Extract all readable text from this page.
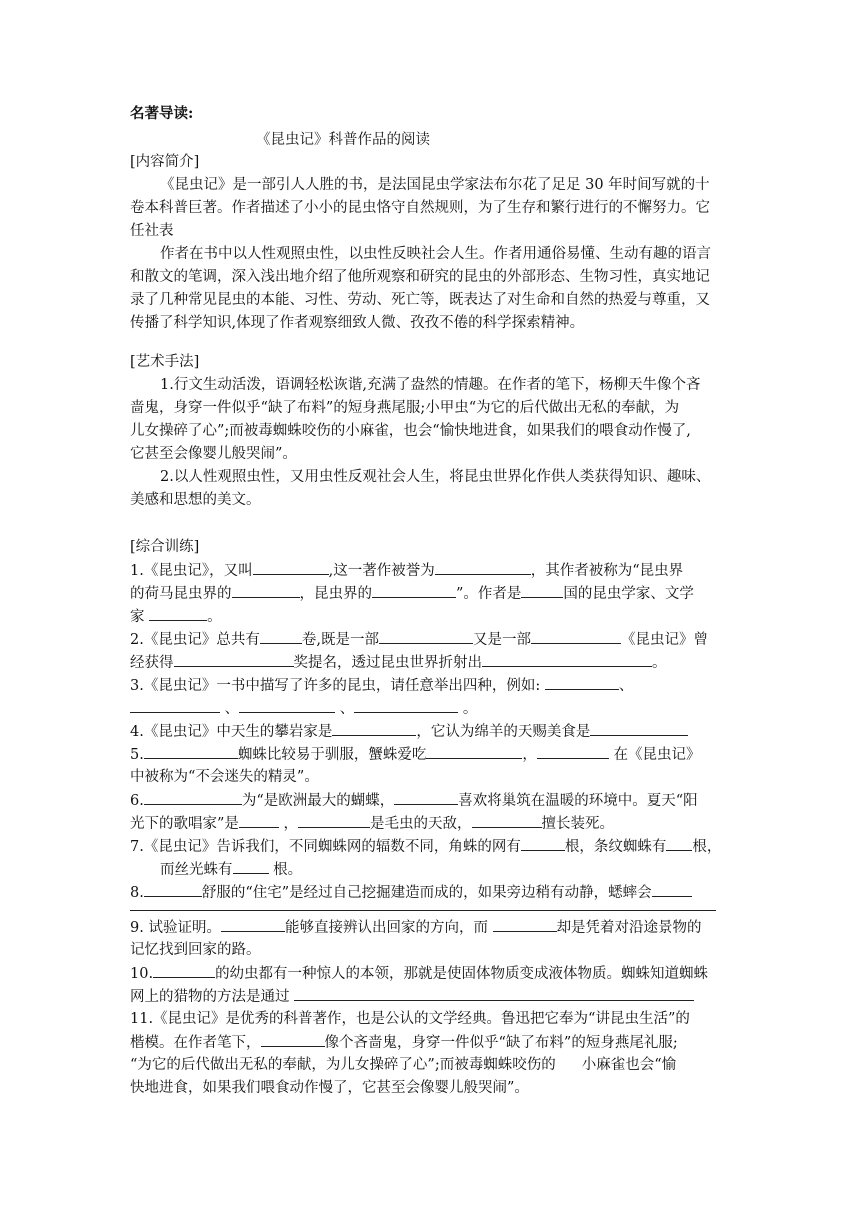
名著导读:
《昆虫记》科普作品的阅读
[内容简介]
《昆虫记》是一部引人人胜的书，是法国昆虫学家法布尔花了足足 30 年时间写就的十
卷本科普巨著。作者描述了小小的昆虫恪守自然规则，为了生存和繁行进行的不懈努力。它
任社表
作者在书中以人性观照虫性，以虫性反映社会人生。作者用通俗易懂、生动有趣的语言
和散文的笔调，深入浅出地介绍了他所观察和研究的昆虫的外部形态、生物习性，真实地记
录了几种常见昆虫的本能、习性、劳动、死亡等，既表达了对生命和自然的热爱与尊重，又
传播了科学知识,体现了作者观察细致人微、孜孜不倦的科学探索精神。
[艺术手法]
1.行文生动活泼，语调轻松诙谐,充满了盎然的情趣。在作者的笔下，杨柳天牛像个吝
啬鬼，身穿一件似乎“缺了布料”的短身燕尾服;小甲虫“为它的后代做出无私的奉献，为
儿女操碎了心”;而被毒蜘蛛咬伤的小麻雀，也会“愉快地进食，如果我们的喂食动作慢了,
它甚至会像婴儿般哭闹”。
2.以人性观照虫性，又用虫性反观社会人生，将昆虫世界化作供人类获得知识、趣味、
美感和思想的美文。
[综合训练]
1.《昆虫记》，又叫	,这一著作被誉为	，其作者被称为“昆虫界
的荷马昆虫界的	，昆虫界的	”。作者是	国的昆虫学家、文学
家	。
2.《昆虫记》总共有	卷,既是一部	又是一部	《昆虫记》曾
经获得	奖提名，透过昆虫世界折射出	。
3.《昆虫记》一书中描写了许多的昆虫，请任意举出四种，例如:	、
、	、	。
4.《昆虫记》中天生的攀岩家是	，它认为绵羊的天赐美食是
5.	蜘蛛比较易于驯服，蟹蛛爱吃	，	在《昆虫记》
中被称为“不会迷失的精灵”。
6.	为“是欧洲最大的蝴蝶，	喜欢将巢筑在温暖的环境中。夏天“阳
光下的歌唱家”是	，	是毛虫的天敌，	擅长装死。
7.《昆虫记》告诉我们，不同蜘蛛网的辐数不同，角蛛的网有	根，条纹蜘蛛有 根，
而丝光蛛有 根。
8.	舒服的“住宅”是经过自己挖掘建造而成的，如果旁边稍有动静，蟋蟀会
9. 试验证明。	能够直接辨认出回家的方向，而	却是凭着对沿途景物的
记忆找到回家的路。
10.	的幼虫都有一种惊人的本领，那就是使固体物质变成液体物质。蜘蛛知道蜘蛛
网上的猎物的方法是通过
11.《昆虫记》是优秀的科普著作，也是公认的文学经典。鲁迅把它奉为“讲昆虫生活”的
楷模。在作者笔下，	像个吝啬鬼，身穿一件似乎“缺了布料”的短身燕尾礼服;
“为它的后代做出无私的奉献，为儿女操碎了心”;而被毒蜘蛛咬伤的 小麻雀也会“愉
快地进食，如果我们喂食动作慢了，它甚至会像婴儿般哭闹”。
